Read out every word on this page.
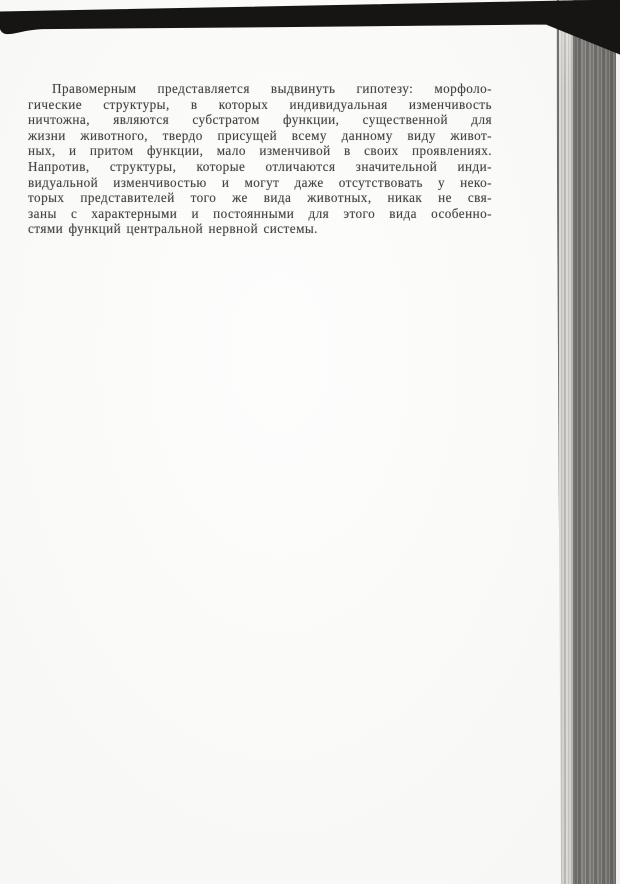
Правомерным представляется выдвинуть гипотезу: морфоло-
гические структуры, в которых индивидуальная изменчивость
ничтожна, являются субстратом функции, существенной для
жизни животного, твердо присущей всему данному виду живот-
ных, и притом функции, мало изменчивой в своих проявлениях.
Напротив, структуры, которые отличаются значительной инди-
видуальной изменчивостью и могут даже отсутствовать у неко-
торых представителей того же вида животных, никак не свя-
заны с характерными и постоянными для этого вида особенно-
стями функций центральной нервной системы.
